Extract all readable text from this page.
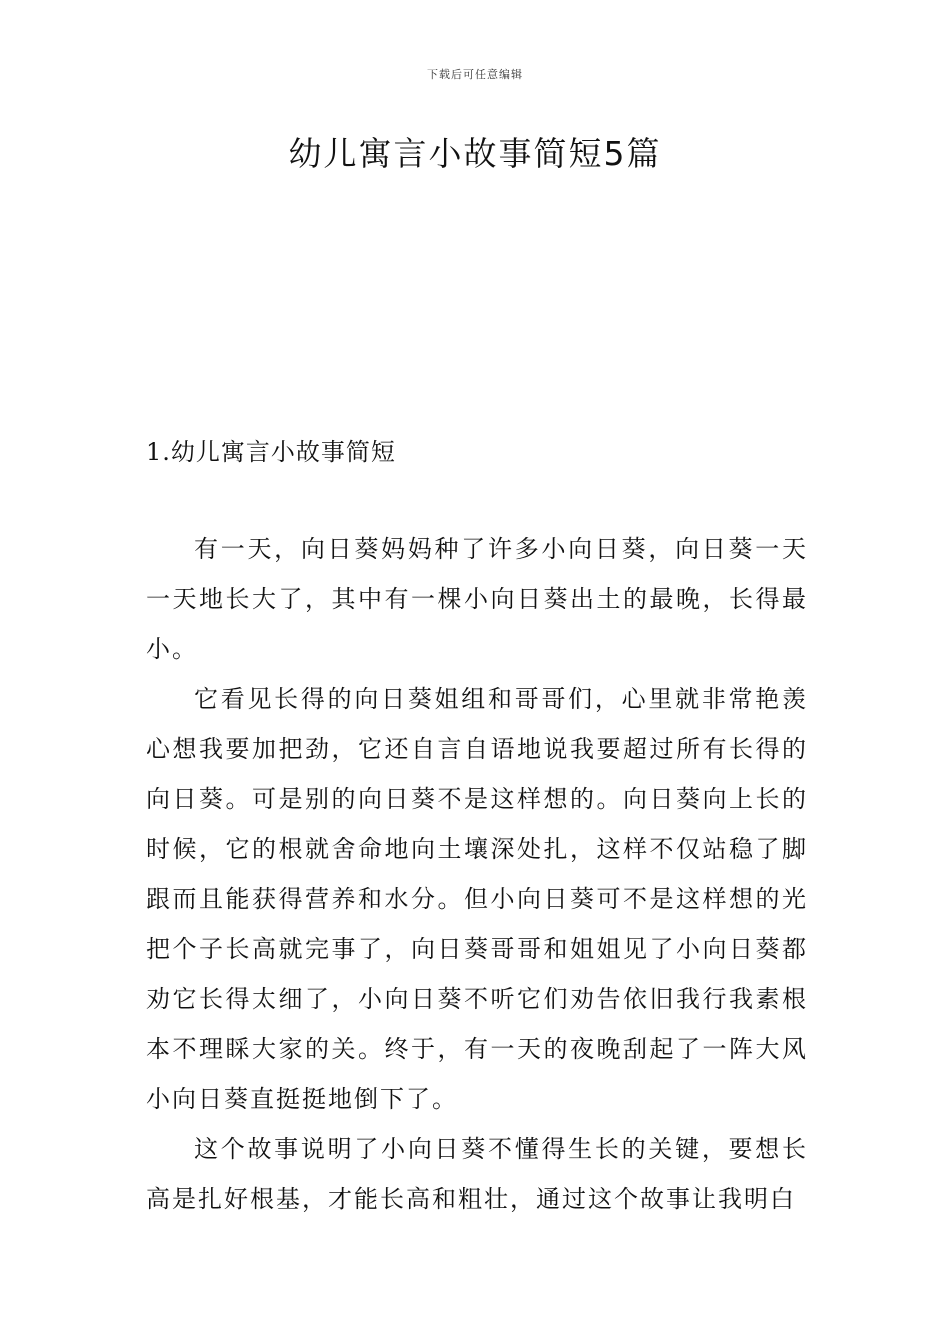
下载后可任意编辑
幼儿寓言小故事简短5篇
1.幼儿寓言小故事简短

有一天，向日葵妈妈种了许多小向日葵，向日葵一天一天地长大了，其中有一棵小向日葵出土的最晚，长得最小。

它看见长得的向日葵姐组和哥哥们，心里就非常艳羡心想我要加把劲，它还自言自语地说我要超过所有长得的向日葵。可是别的向日葵不是这样想的。向日葵向上长的时候，它的根就舍命地向土壤深处扎，这样不仅站稳了脚跟而且能获得营养和水分。但小向日葵可不是这样想的光把个子长高就完事了，向日葵哥哥和姐姐见了小向日葵都劝它长得太细了，小向日葵不听它们劝告依旧我行我素根本不理睬大家的关。终于，有一天的夜晚刮起了一阵大风小向日葵直挺挺地倒下了。

这个故事说明了小向日葵不懂得生长的关键，要想长高是扎好根基，才能长高和粗壮，通过这个故事让我明白
